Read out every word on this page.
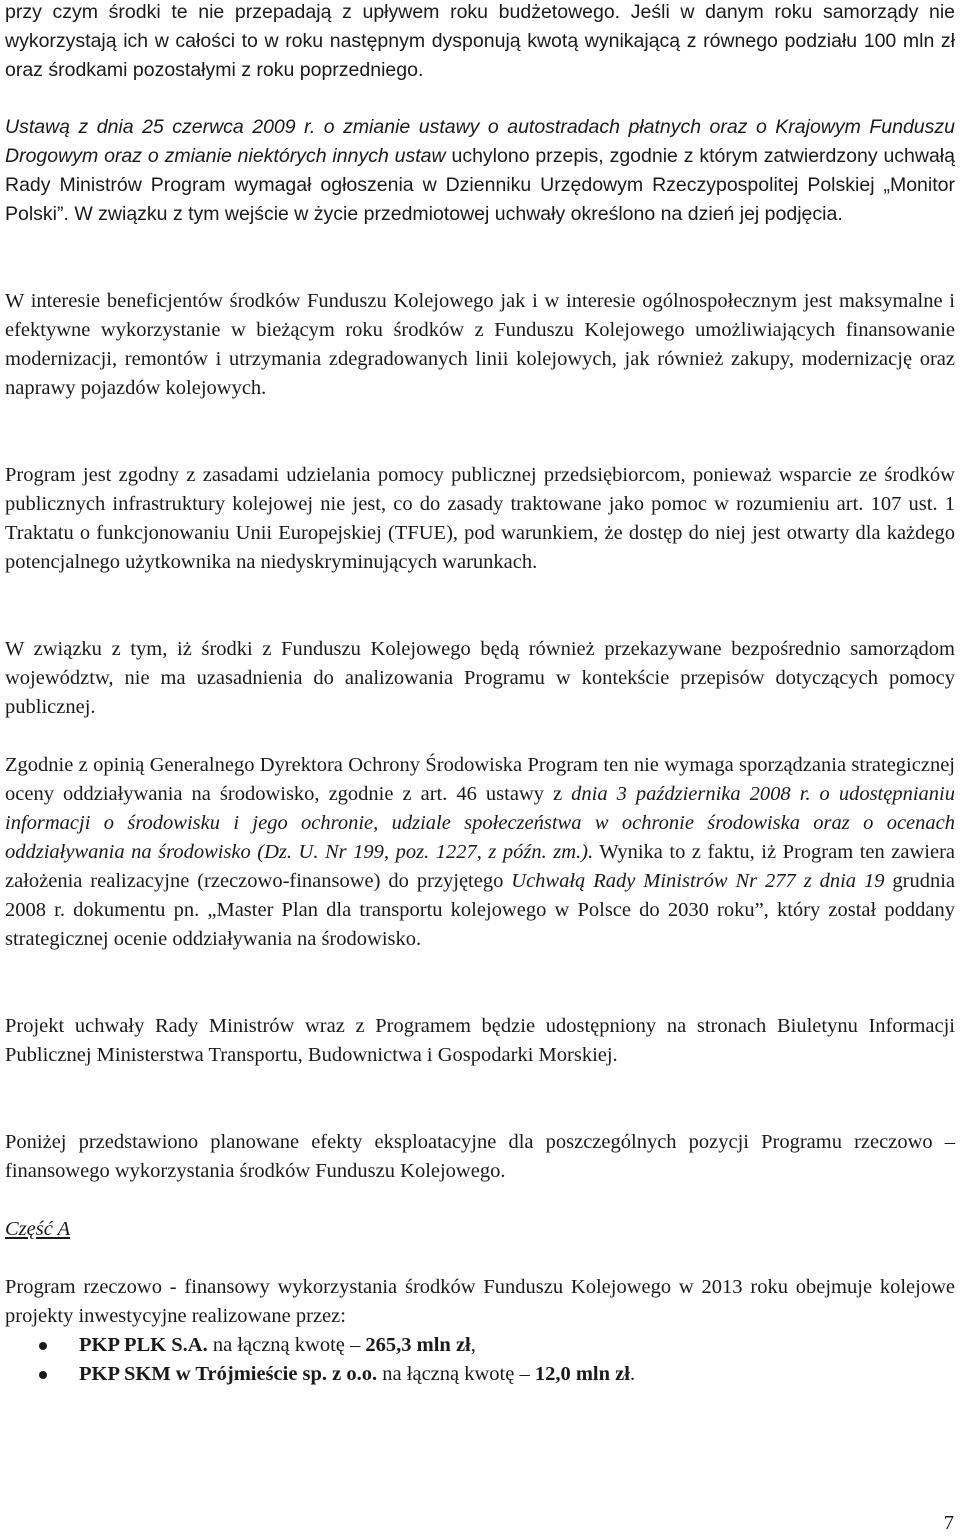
przy czym środki te nie przepadają z upływem roku budżetowego. Jeśli w danym roku samorządy nie wykorzystają ich w całości to w roku następnym dysponują kwotą wynikającą z równego podziału 100 mln zł oraz środkami pozostałymi z roku poprzedniego.

Ustawą z dnia 25 czerwca 2009 r. o zmianie ustawy o autostradach płatnych oraz o Krajowym Funduszu Drogowym oraz o zmianie niektórych innych ustaw uchylono przepis, zgodnie z którym zatwierdzony uchwałą Rady Ministrów Program wymagał ogłoszenia w Dzienniku Urzędowym Rzeczypospolitej Polskiej „Monitor Polski”. W związku z tym wejście w życie przedmiotowej uchwały określono na dzień jej podjęcia.

W interesie beneficjentów środków Funduszu Kolejowego jak i w interesie ogólnospołecznym jest maksymalne i efektywne wykorzystanie w bieżącym roku środków z Funduszu Kolejowego umożliwiających finansowanie modernizacji, remontów i utrzymania zdegradowanych linii kolejowych, jak również zakupy, modernizację oraz naprawy pojazdów kolejowych.

Program jest zgodny z zasadami udzielania pomocy publicznej przedsiębiorcom, ponieważ wsparcie ze środków publicznych infrastruktury kolejowej nie jest, co do zasady traktowane jako pomoc w rozumieniu art. 107 ust. 1 Traktatu o funkcjonowaniu Unii Europejskiej (TFUE), pod warunkiem, że dostęp do niej jest otwarty dla każdego potencjalnego użytkownika na niedyskryminujących warunkach.

W związku z tym, iż środki z Funduszu Kolejowego będą również przekazywane bezpośrednio samorządom województw, nie ma uzasadnienia do analizowania Programu w kontekście przepisów dotyczących pomocy publicznej.

Zgodnie z opinią Generalnego Dyrektora Ochrony Środowiska Program ten nie wymaga sporządzania strategicznej oceny oddziaływania na środowisko, zgodnie z art. 46 ustawy z dnia 3 października 2008 r. o udostępnianiu informacji o środowisku i jego ochronie, udziale społeczeństwa w ochronie środowiska oraz o ocenach oddziaływania na środowisko (Dz. U. Nr 199, poz. 1227, z późn. zm.). Wynika to z faktu, iż Program ten zawiera założenia realizacyjne (rzeczowo-finansowe) do przyjętego Uchwałą Rady Ministrów Nr 277 z dnia 19 grudnia 2008 r. dokumentu pn. „Master Plan dla transportu kolejowego w Polsce do 2030 roku”, który został poddany strategicznej ocenie oddziaływania na środowisko.

Projekt uchwały Rady Ministrów wraz z Programem będzie udostępniony na stronach Biuletynu Informacji Publicznej Ministerstwa Transportu, Budownictwa i Gospodarki Morskiej.

Poniżej przedstawiono planowane efekty eksploatacyjne dla poszczególnych pozycji Programu rzeczowo – finansowego wykorzystania środków Funduszu Kolejowego.

Część A

Program rzeczowo - finansowy wykorzystania środków Funduszu Kolejowego w 2013 roku obejmuje kolejowe projekty inwestycyjne realizowane przez:

PKP PLK S.A. na łączną kwotę – 265,3 mln zł,
PKP SKM w Trójmieście sp. z o.o. na łączną kwotę – 12,0 mln zł.
7
